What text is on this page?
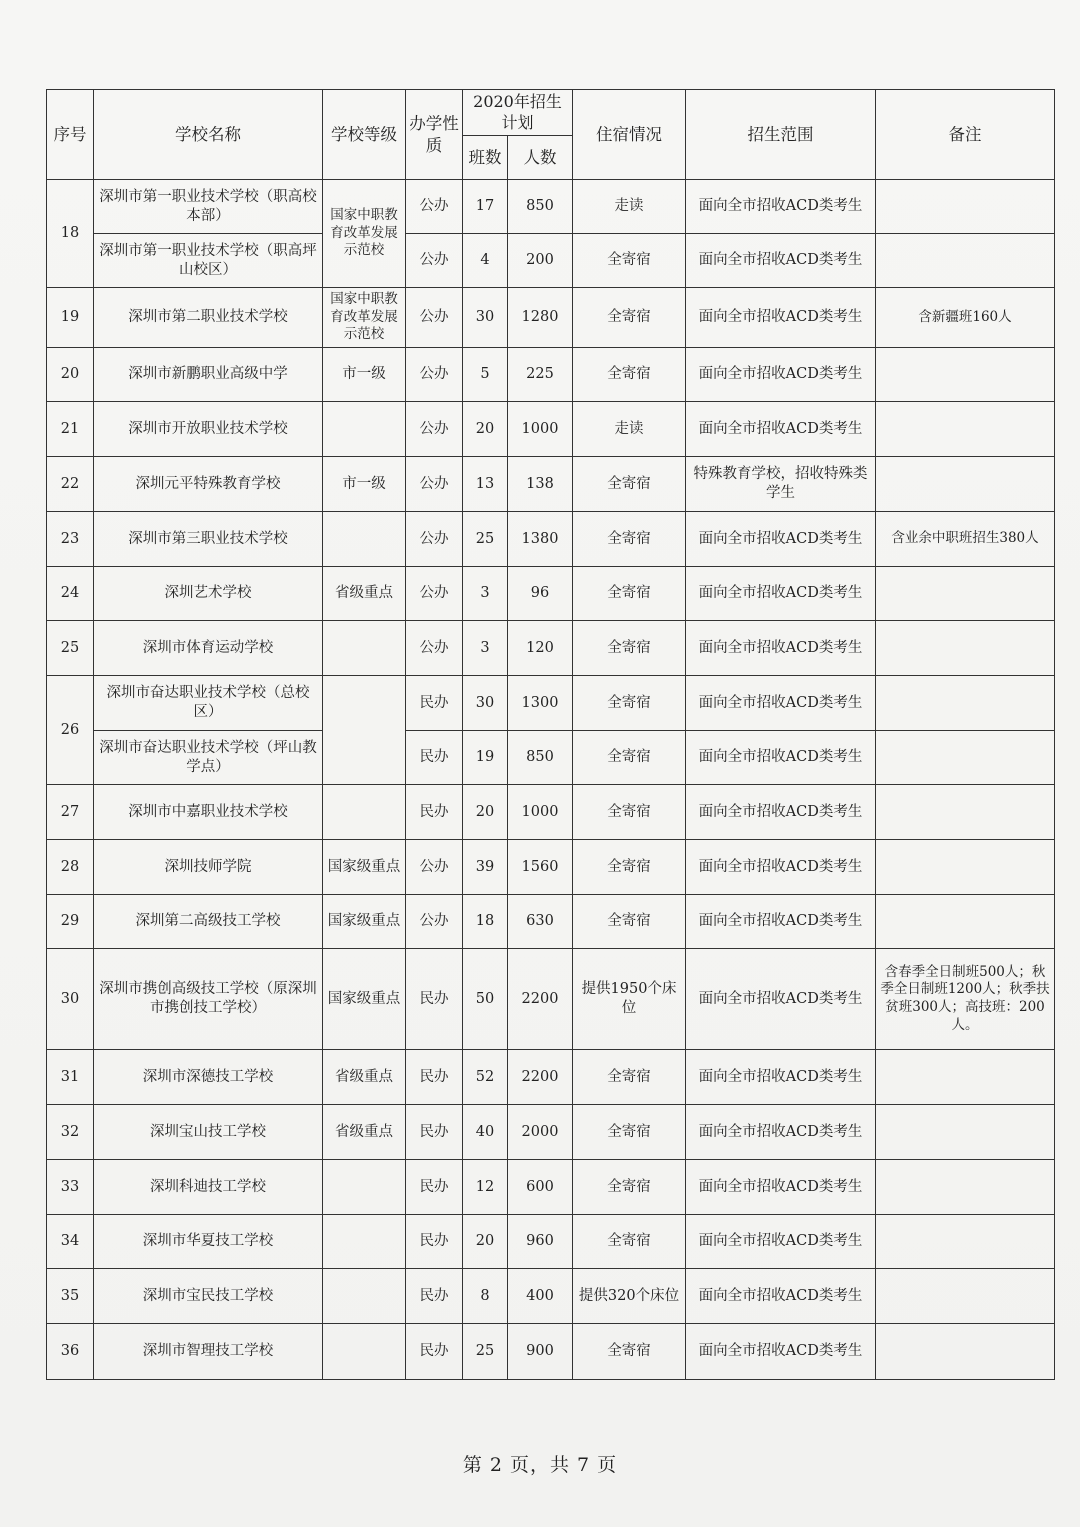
序号	学校名称	学校等级	办学性质	2020年招生计划		住宿情况	招生范围	备注
				班数	人数			
18	深圳市第一职业技术学校（职高校本部）	国家中职教育改革发展示范校	公办	17	850	走读	面向全市招收ACD类考生	
	深圳市第一职业技术学校（职高坪山校区）		公办	4	200	全寄宿	面向全市招收ACD类考生	
19	深圳市第二职业技术学校	国家中职教育改革发展示范校	公办	30	1280	全寄宿	面向全市招收ACD类考生	含新疆班160人
20	深圳市新鹏职业高级中学	市一级	公办	5	225	全寄宿	面向全市招收ACD类考生	
21	深圳市开放职业技术学校		公办	20	1000	走读	面向全市招收ACD类考生	
22	深圳元平特殊教育学校	市一级	公办	13	138	全寄宿	特殊教育学校，招收特殊类学生	
23	深圳市第三职业技术学校		公办	25	1380	全寄宿	面向全市招收ACD类考生	含业余中职班招生380人
24	深圳艺术学校	省级重点	公办	3	96	全寄宿	面向全市招收ACD类考生	
25	深圳市体育运动学校		公办	3	120	全寄宿	面向全市招收ACD类考生	
26	深圳市奋达职业技术学校（总校区）		民办	30	1300	全寄宿	面向全市招收ACD类考生	
	深圳市奋达职业技术学校（坪山教学点）		民办	19	850	全寄宿	面向全市招收ACD类考生	
27	深圳市中嘉职业技术学校		民办	20	1000	全寄宿	面向全市招收ACD类考生	
28	深圳技师学院	国家级重点	公办	39	1560	全寄宿	面向全市招收ACD类考生	
29	深圳第二高级技工学校	国家级重点	公办	18	630	全寄宿	面向全市招收ACD类考生	
30	深圳市携创高级技工学校（原深圳市携创技工学校）	国家级重点	民办	50	2200	提供1950个床位	面向全市招收ACD类考生	含春季全日制班500人；秋季全日制班1200人；秋季扶贫班300人；高技班：200人。
31	深圳市深德技工学校	省级重点	民办	52	2200	全寄宿	面向全市招收ACD类考生	
32	深圳宝山技工学校	省级重点	民办	40	2000	全寄宿	面向全市招收ACD类考生	
33	深圳科迪技工学校		民办	12	600	全寄宿	面向全市招收ACD类考生	
34	深圳市华夏技工学校		民办	20	960	全寄宿	面向全市招收ACD类考生	
35	深圳市宝民技工学校		民办	8	400	提供320个床位	面向全市招收ACD类考生	
36	深圳市智理技工学校		民办	25	900	全寄宿	面向全市招收ACD类考生	
第 2 页，共 7 页
